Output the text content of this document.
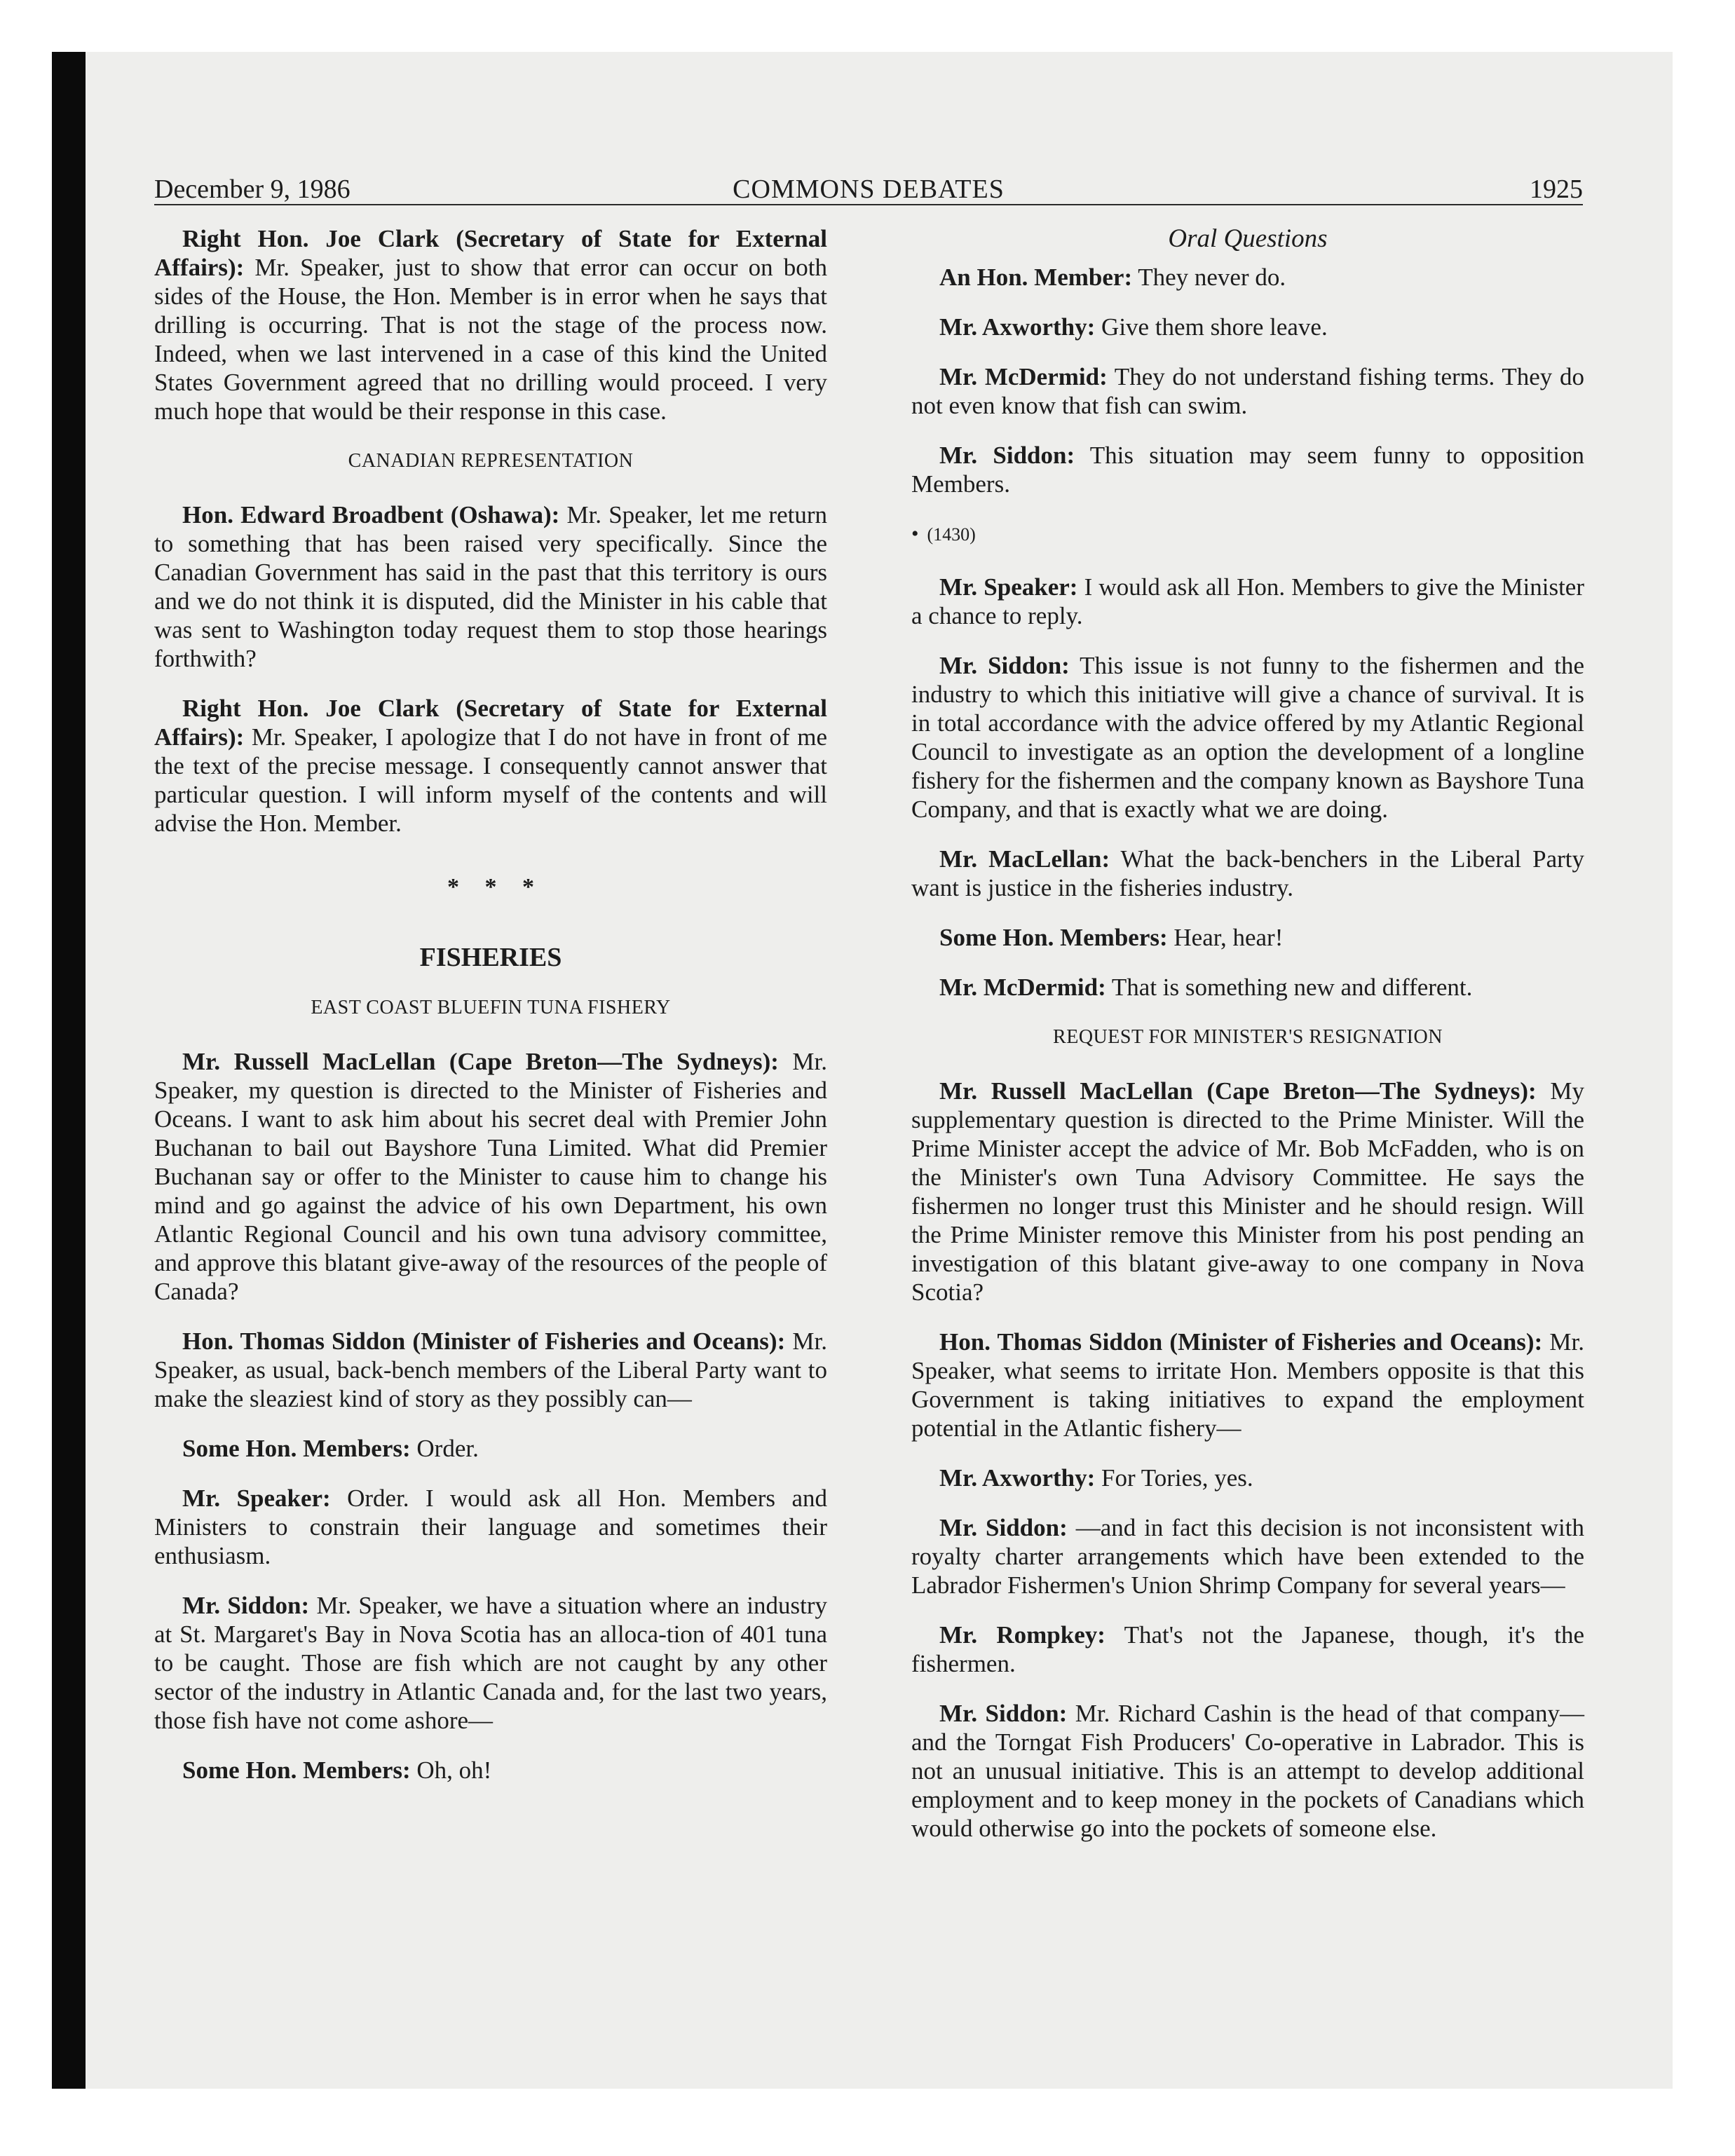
December 9, 1986	COMMONS DEBATES	1925

Right Hon. Joe Clark (Secretary of State for External Affairs): Mr. Speaker, just to show that error can occur on both sides of the House, the Hon. Member is in error when he says that drilling is occurring. That is not the stage of the process now. Indeed, when we last intervened in a case of this kind the United States Government agreed that no drilling would proceed. I very much hope that would be their response in this case.

CANADIAN REPRESENTATION

Hon. Edward Broadbent (Oshawa): Mr. Speaker, let me return to something that has been raised very specifically. Since the Canadian Government has said in the past that this territory is ours and we do not think it is disputed, did the Minister in his cable that was sent to Washington today request them to stop those hearings forthwith?

Right Hon. Joe Clark (Secretary of State for External Affairs): Mr. Speaker, I apologize that I do not have in front of me the text of the precise message. I consequently cannot answer that particular question. I will inform myself of the contents and will advise the Hon. Member.

* * *
FISHERIES
EAST COAST BLUEFIN TUNA FISHERY

Mr. Russell MacLellan (Cape Breton—The Sydneys): Mr. Speaker, my question is directed to the Minister of Fisheries and Oceans. I want to ask him about his secret deal with Premier John Buchanan to bail out Bayshore Tuna Limited. What did Premier Buchanan say or offer to the Minister to cause him to change his mind and go against the advice of his own Department, his own Atlantic Regional Council and his own tuna advisory committee, and approve this blatant give-away of the resources of the people of Canada?

Hon. Thomas Siddon (Minister of Fisheries and Oceans): Mr. Speaker, as usual, back-bench members of the Liberal Party want to make the sleaziest kind of story as they possibly can—

Some Hon. Members: Order.

Mr. Speaker: Order. I would ask all Hon. Members and Ministers to constrain their language and sometimes their enthusiasm.

Mr. Siddon: Mr. Speaker, we have a situation where an industry at St. Margaret's Bay in Nova Scotia has an alloca-tion of 401 tuna to be caught. Those are fish which are not caught by any other sector of the industry in Atlantic Canada and, for the last two years, those fish have not come ashore—

Some Hon. Members: Oh, oh!

Oral Questions

An Hon. Member: They never do.

Mr. Axworthy: Give them shore leave.

Mr. McDermid: They do not understand fishing terms. They do not even know that fish can swim.

Mr. Siddon: This situation may seem funny to opposition Members.

• (1430)

Mr. Speaker: I would ask all Hon. Members to give the Minister a chance to reply.

Mr. Siddon: This issue is not funny to the fishermen and the industry to which this initiative will give a chance of survival. It is in total accordance with the advice offered by my Atlantic Regional Council to investigate as an option the development of a longline fishery for the fishermen and the company known as Bayshore Tuna Company, and that is exactly what we are doing.

Mr. MacLellan: What the back-benchers in the Liberal Party want is justice in the fisheries industry.

Some Hon. Members: Hear, hear!

Mr. McDermid: That is something new and different.

REQUEST FOR MINISTER'S RESIGNATION

Mr. Russell MacLellan (Cape Breton—The Sydneys): My supplementary question is directed to the Prime Minister. Will the Prime Minister accept the advice of Mr. Bob McFadden, who is on the Minister's own Tuna Advisory Committee. He says the fishermen no longer trust this Minister and he should resign. Will the Prime Minister remove this Minister from his post pending an investigation of this blatant give-away to one company in Nova Scotia?

Hon. Thomas Siddon (Minister of Fisheries and Oceans): Mr. Speaker, what seems to irritate Hon. Members opposite is that this Government is taking initiatives to expand the employment potential in the Atlantic fishery—

Mr. Axworthy: For Tories, yes.

Mr. Siddon: —and in fact this decision is not inconsistent with royalty charter arrangements which have been extended to the Labrador Fishermen's Union Shrimp Company for several years—

Mr. Rompkey: That's not the Japanese, though, it's the fishermen.

Mr. Siddon: Mr. Richard Cashin is the head of that company—and the Torngat Fish Producers' Co-operative in Labrador. This is not an unusual initiative. This is an attempt to develop additional employment and to keep money in the pockets of Canadians which would otherwise go into the pockets of someone else.
